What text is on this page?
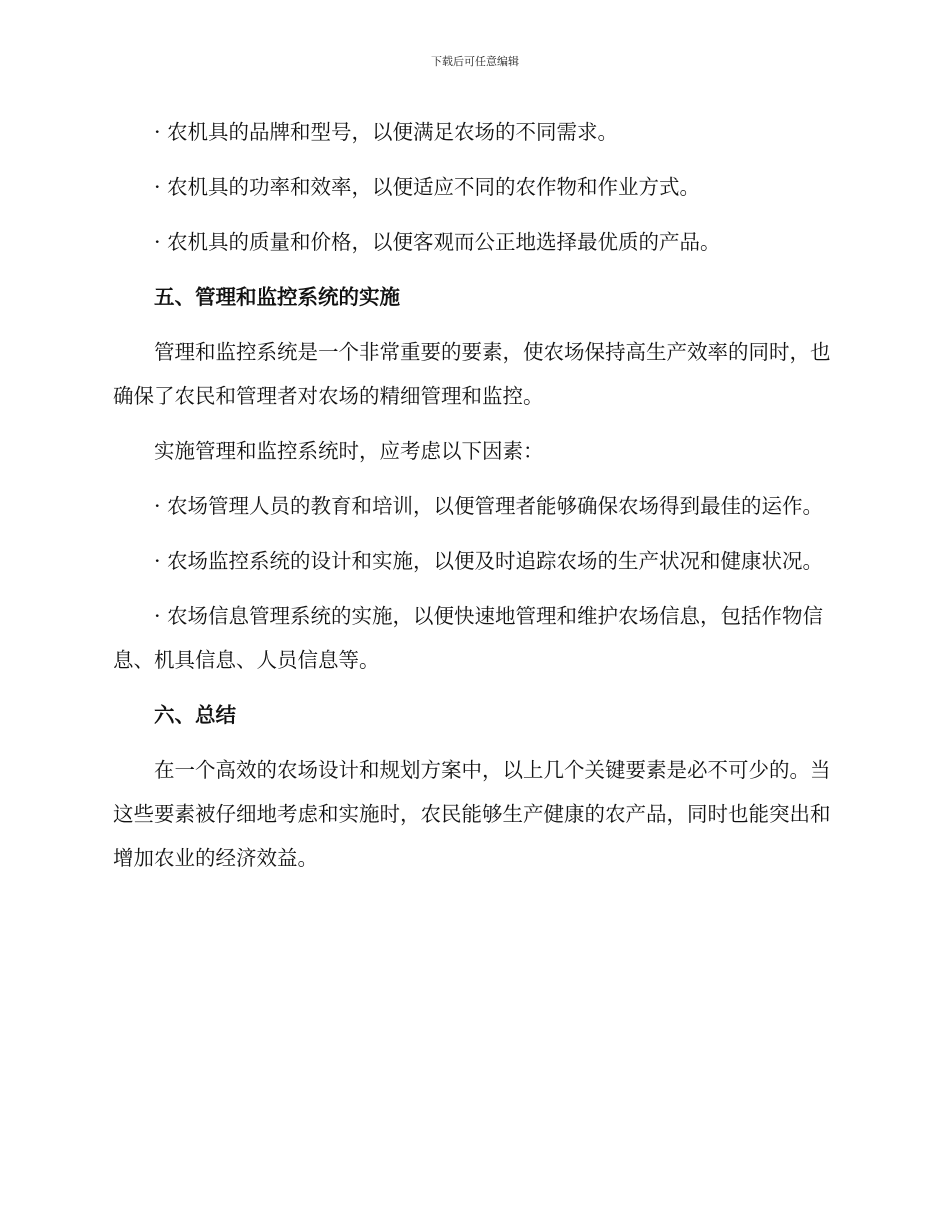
下载后可任意编辑

· 农机具的品牌和型号，以便满足农场的不同需求。

· 农机具的功率和效率，以便适应不同的农作物和作业方式。

· 农机具的质量和价格，以便客观而公正地选择最优质的产品。

五、管理和监控系统的实施

管理和监控系统是一个非常重要的要素，使农场保持高生产效率的同时，也确保了农民和管理者对农场的精细管理和监控。

实施管理和监控系统时，应考虑以下因素：

· 农场管理人员的教育和培训，以便管理者能够确保农场得到最佳的运作。

· 农场监控系统的设计和实施，以便及时追踪农场的生产状况和健康状况。

· 农场信息管理系统的实施，以便快速地管理和维护农场信息，包括作物信息、机具信息、人员信息等。

六、总结

在一个高效的农场设计和规划方案中，以上几个关键要素是必不可少的。当这些要素被仔细地考虑和实施时，农民能够生产健康的农产品，同时也能突出和增加农业的经济效益。
